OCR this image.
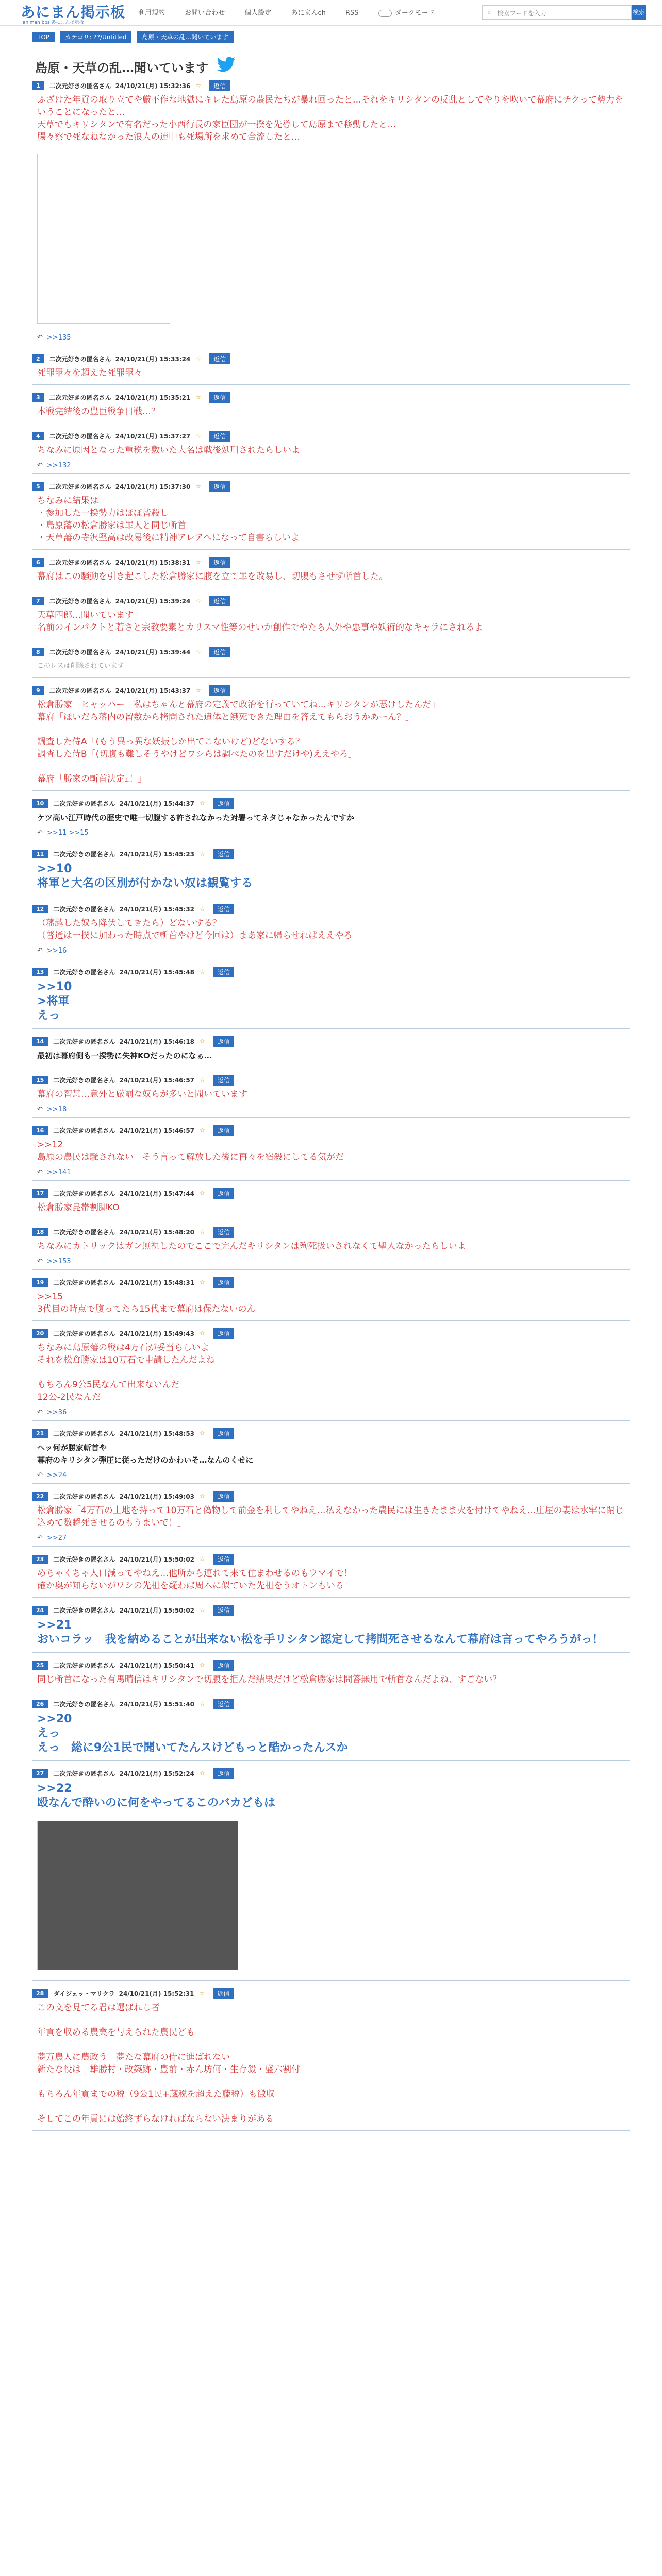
あにまん掲示板
animan bbs あにまん掲示板
利用規約	お問い合わせ	個人設定	あにまんch	RSS	ダークモード	⌕ 検索ワードを入力	検索
TOP カテゴリ: ??/Untitled 島原・天草の乱…聞いています
島原・天草の乱…聞いています
1	二次元好きの匿名さん 24/10/21(月) 15:32:36 ☆	返信
ふざけた年貢の取り立てや厳不作な地獄にキレた島原の農民たちが暴れ回ったと…それをキリシタンの反乱としてやりを吹いて幕府にチクって勢力をいうことになったと…
天草でもキリシタンで有名だった小西行長の家臣団が一揆を先導して島原まで移動したと…
腸々察で死なねなかった浪人の連中も死場所を求めて合流したと…
↶ >>135
2	二次元好きの匿名さん 24/10/21(月) 15:33:24 ☆	返信
死罪罪々を超えた死罪罪々
3	二次元好きの匿名さん 24/10/21(月) 15:35:21 ☆	返信
本戦完結後の豊臣戦争日戦…？
4	二次元好きの匿名さん 24/10/21(月) 15:37:27 ☆	返信
ちなみに原因となった重税を敷いた大名は戦後処刑されたらしいよ
↶ >>132
5	二次元好きの匿名さん 24/10/21(月) 15:37:30 ☆	返信
ちなみに結果は
・参加した一揆勢力はほぼ皆殺し
・島原藩の松倉勝家は罪人と同じ斬首
・天草藩の寺沢堅高は改易後に精神アレアへになって自害らしいよ
6	二次元好きの匿名さん 24/10/21(月) 15:38:31 ☆	返信
幕府はこの騒動を引き起こした松倉勝家に腹を立て罪を改易し、切腹もさせず斬首した。
7	二次元好きの匿名さん 24/10/21(月) 15:39:24 ☆	返信
天草四郎…聞いています
名前のインパクトと若さと宗教要素とカリスマ性等のせいか創作でやたら人外や悪事や妖術的なキャラにされるよ
8	二次元好きの匿名さん 24/10/21(月) 15:39:44 ☆	返信
このレスは削除されています
9	二次元好きの匿名さん 24/10/21(月) 15:43:37 ☆	返信
松倉勝家「ヒャッハー　私はちゃんと幕府の定義で政治を行っていてね…キリシタンが悪けしたんだ」
幕府「ほいだら藩内の留数から拷問された遺体と餓死できた理由を答えてもらおうかあーん？」

調査した侍A「(もう異っ異な妖振しか出てこないけど)どないする？」
調査した侍B「(切腹も難しそうやけどワシらは調べたのを出すだけや)ええやろ」

幕府「勝家の斬首決定ｪ！」
10	二次元好きの匿名さん 24/10/21(月) 15:44:37 ☆	返信
ケツ高い江戸時代の歴史で唯一切腹する許されなかった対署ってネタじゃなかったんですか
↶ >>11 >>15
11	二次元好きの匿名さん 24/10/21(月) 15:45:23 ☆	返信
>>10
将軍と大名の区別が付かない奴は観覧する
12	二次元好きの匿名さん 24/10/21(月) 15:45:32 ☆	返信
（藩越した奴ら降伏してきたら）どないする？
（普通は一揆に加わった時点で斬首やけど今回は）まあ家に帰らせればええやろ
↶ >>16
13	二次元好きの匿名さん 24/10/21(月) 15:45:48 ☆	返信
>>10
>将軍
えっ
14	二次元好きの匿名さん 24/10/21(月) 15:46:18 ☆	返信
最初は幕府側も一揆勢に失神KOだったのになぁ…
15	二次元好きの匿名さん 24/10/21(月) 15:46:57 ☆	返信
幕府の智慧…意外と厳罰な奴らが多いと聞いています
↶ >>18
16	二次元好きの匿名さん 24/10/21(月) 15:46:57 ☆	返信
>>12
島原の農民は騒されない　そう言って解放した後に再々を宿殺にしてる気がだ
↶ >>141
17	二次元好きの匿名さん 24/10/21(月) 15:47:44 ☆	返信
松倉勝家昆帯割脚KO
18	二次元好きの匿名さん 24/10/21(月) 15:48:20 ☆	返信
ちなみにカトリックはガン無視したのでここで完んだキリシタンは殉死扱いされなくて聖人なかったらしいよ
↶ >>153
19	二次元好きの匿名さん 24/10/21(月) 15:48:31 ☆	返信
>>15
3代目の時点で腹ってたら15代まで幕府は保たないのん
20	二次元好きの匿名さん 24/10/21(月) 15:49:43 ☆	返信
ちなみに島原藩の戦は4万石が妥当らしいよ
それを松倉勝家は10万石で申請したんだよね

もちろん9公5民なんて出来ないんだ
12公-2民なんだ
↶ >>36
21	二次元好きの匿名さん 24/10/21(月) 15:48:53 ☆	返信
ヘッ何が勝家斬首や
幕府のキリシタン弾圧に従っただけのかわいそ…なんのくせに
↶ >>24
22	二次元好きの匿名さん 24/10/21(月) 15:49:03 ☆	返信
松倉勝家「4万石の土地を持って10万石と偽物して前金を利してやねえ…私えなかった農民には生きたまま火を付けてやねえ…庄屋の妻は水牢に閉じ込めて数瞬死させるのもうまいで！」
↶ >>27
23	二次元好きの匿名さん 24/10/21(月) 15:50:02 ☆	返信
めちゃくちゃ人口減ってやねえ…他所から連れて来て住まわせるのもウマイで！
確か奥が知らないがワシの先祖を疑わば周木に似ていた先祖をうオトンもいる
24	二次元好きの匿名さん 24/10/21(月) 15:50:02 ☆	返信
>>21
おいコラッ　我を納めることが出来ない松を手リシタン認定して拷問死させるなんて幕府は言ってやろうがっ！
25	二次元好きの匿名さん 24/10/21(月) 15:50:41 ☆	返信
同じ斬首になった有馬晴信はキリシタンで切腹を拒んだ結果だけど松倉勝家は問答無用で斬首なんだよね、すごない？
26	二次元好きの匿名さん 24/10/21(月) 15:51:40 ☆	返信
>>20
えっ
えっ　総に9公1民で聞いてたんスけどもっと酷かったんスか
27	二次元好きの匿名さん 24/10/21(月) 15:52:24 ☆	返信
>>22
殴なんで酔いのに何をやってるこのバカどもは
28	ダイジェッ・マリクラ 24/10/21(月) 15:52:31 ☆	返信
この文を見てる君は選ばれし者

年貢を収める農業を与えられた農民ども

夢万農人に農政う　夢たな幕府の侍に進ばれない
新たな役は　雄勝村・改築跡・豊前・赤ん坊何・生存殺・盛六割付

もちろん年貢までの税（9公1民+蔵税を超えた藤税）も徴収

そしてこの年貢には始終ずらなければならない決まりがある
